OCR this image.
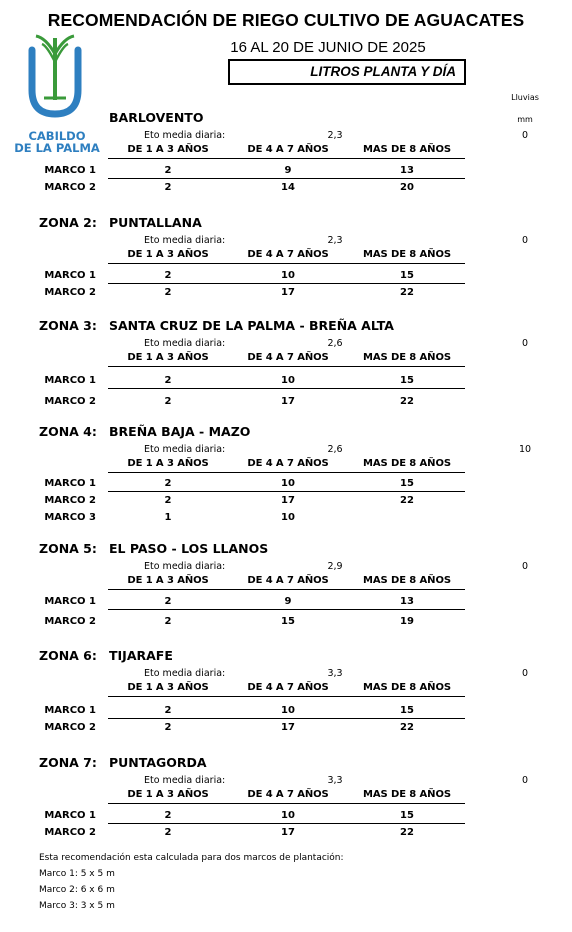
RECOMENDACIÓN DE RIEGO CULTIVO DE AGUACATES
16 AL 20 DE JUNIO DE 2025
LITROS PLANTA Y DÍA
CABILDO
DE LA PALMA
Lluvias
mm
BARLOVENTO
Eto media diaria:	2,3	0
DE 1 A 3 AÑOS	DE 4 A 7 AÑOS	MAS DE 8 AÑOS
MARCO 1	2	9	13
MARCO 2	2	14	20
ZONA 2: PUNTALLANA
Eto media diaria:	2,3	0
DE 1 A 3 AÑOS	DE 4 A 7 AÑOS	MAS DE 8 AÑOS
MARCO 1	2	10	15
MARCO 2	2	17	22
ZONA 3: SANTA CRUZ DE LA PALMA - BREÑA ALTA
Eto media diaria:	2,6	0
DE 1 A 3 AÑOS	DE 4 A 7 AÑOS	MAS DE 8 AÑOS
MARCO 1	2	10	15
MARCO 2	2	17	22
ZONA 4: BREÑA BAJA - MAZO
Eto media diaria:	2,6	10
DE 1 A 3 AÑOS	DE 4 A 7 AÑOS	MAS DE 8 AÑOS
MARCO 1	2	10	15
MARCO 2	2	17	22
MARCO 3	1	10
ZONA 5: EL PASO - LOS LLANOS
Eto media diaria:	2,9	0
DE 1 A 3 AÑOS	DE 4 A 7 AÑOS	MAS DE 8 AÑOS
MARCO 1	2	9	13
MARCO 2	2	15	19
ZONA 6: TIJARAFE
Eto media diaria:	3,3	0
DE 1 A 3 AÑOS	DE 4 A 7 AÑOS	MAS DE 8 AÑOS
MARCO 1	2	10	15
MARCO 2	2	17	22
ZONA 7: PUNTAGORDA
Eto media diaria:	3,3	0
DE 1 A 3 AÑOS	DE 4 A 7 AÑOS	MAS DE 8 AÑOS
MARCO 1	2	10	15
MARCO 2	2	17	22
Esta recomendación esta calculada para dos marcos de plantación:
Marco 1: 5 x 5 m
Marco 2: 6 x 6 m
Marco 3: 3 x 5 m
